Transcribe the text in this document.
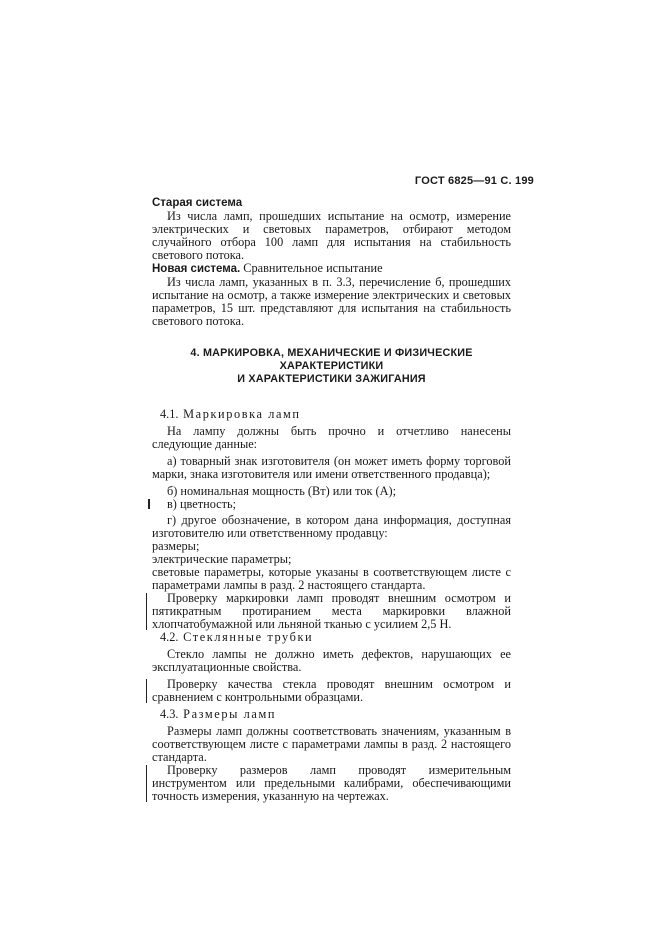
ГОСТ 6825—91 С. 199

Старая система

Из числа ламп, прошедших испытание на осмотр, измерение электрических и световых параметров, отбирают методом случайного отбора 100 ламп для испытания на стабильность светового потока.

Новая система. Сравнительное испытание

Из числа ламп, указанных в п. 3.3, перечисление б, прошедших испытание на осмотр, а также измерение электрических и световых параметров, 15 шт. представляют для испытания на стабильность светового потока.

4. МАРКИРОВКА, МЕХАНИЧЕСКИЕ И ФИЗИЧЕСКИЕ ХАРАКТЕРИСТИКИ
И ХАРАКТЕРИСТИКИ ЗАЖИГАНИЯ

4.1. Маркировка ламп

На лампу должны быть прочно и отчетливо нанесены следующие данные:

а) товарный знак изготовителя (он может иметь форму торговой марки, знака изготовителя или имени ответственного продавца);

б) номинальная мощность (Вт) или ток (А);

в) цветность;

г) другое обозначение, в котором дана информация, доступная изготовителю или ответственному продавцу:

размеры;

электрические параметры;

световые параметры, которые указаны в соответствующем листе с параметрами лампы в разд. 2 настоящего стандарта.

Проверку маркировки ламп проводят внешним осмотром и пятикратным протиранием места маркировки влажной хлопчатобумажной или льняной тканью с усилием 2,5 Н.

4.2. Стеклянные трубки

Стекло лампы не должно иметь дефектов, нарушающих ее эксплуатационные свойства.

Проверку качества стекла проводят внешним осмотром и сравнением с контрольными образцами.

4.3. Размеры ламп

Размеры ламп должны соответствовать значениям, указанным в соответствующем листе с параметрами лампы в разд. 2 настоящего стандарта.

Проверку размеров ламп проводят измерительным инструментом или предельными калибрами, обеспечивающими точность измерения, указанную на чертежах.
